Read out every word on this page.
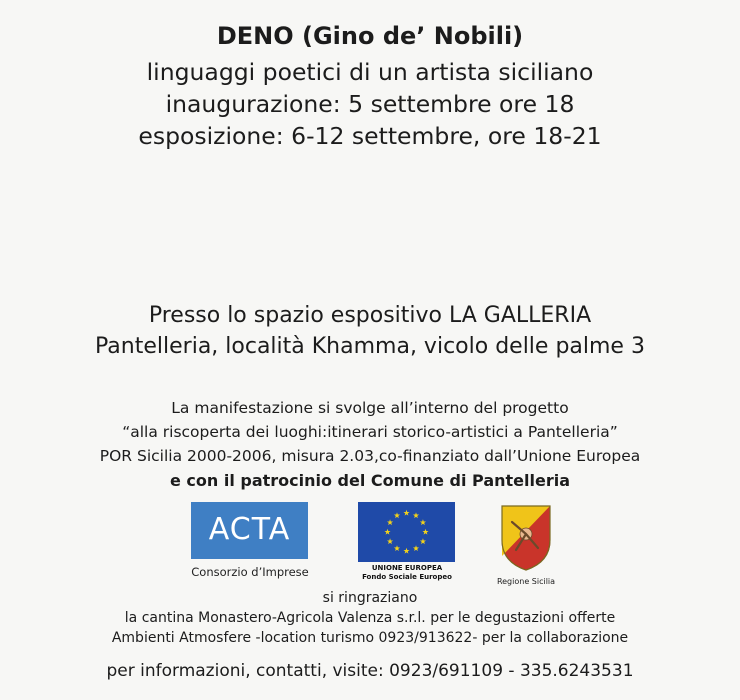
DENO (Gino de’ Nobili)
linguaggi poetici di un artista siciliano
inaugurazione: 5 settembre ore 18
esposizione: 6-12 settembre, ore 18-21
Presso lo spazio espositivo LA GALLERIA
Pantelleria, località Khamma, vicolo delle palme 3
La manifestazione si svolge all’interno del progetto
“alla riscoperta dei luoghi:itinerari storico-artistici a Pantelleria”
POR Sicilia 2000-2006, misura 2.03,co-finanziato dall’Unione Europea
e con il patrocinio del Comune di Pantelleria
ACTA
Consorzio d’Imprese	UNIONE EUROPEA
Fondo Sociale Europeo	Regione Sicilia
si ringraziano
la cantina Monastero-Agricola Valenza s.r.l. per le degustazioni offerte
Ambienti Atmosfere -location turismo 0923/913622- per la collaborazione
per informazioni, contatti, visite: 0923/691109 - 335.6243531
